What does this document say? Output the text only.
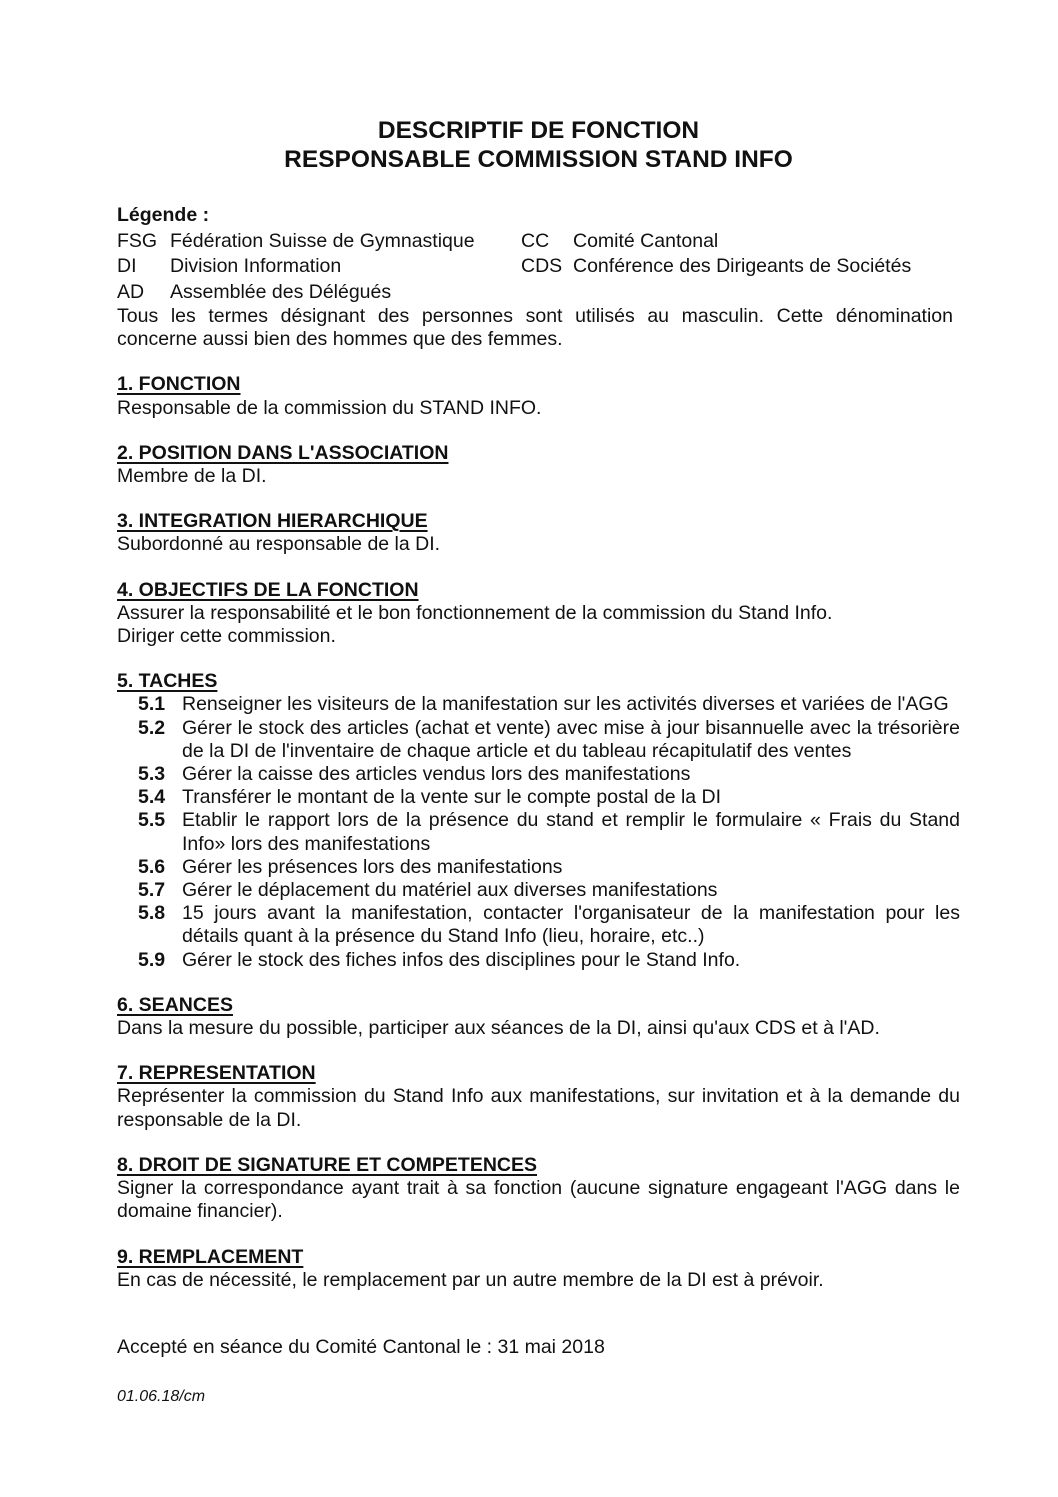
DESCRIPTIF DE FONCTION
RESPONSABLE COMMISSION STAND INFO
Légende :
FSG Fédération Suisse de Gymnastique	CC	Comité Cantonal
DI	Division Information	CDS Conférence des Dirigeants de Sociétés
AD	Assemblée des Délégués

Tous les termes désignant des personnes sont utilisés au masculin. Cette dénomination concerne aussi bien des hommes que des femmes.

1. FONCTION

Responsable de la commission du STAND INFO.

2. POSITION DANS L'ASSOCIATION

Membre de la DI.

3. INTEGRATION HIERARCHIQUE

Subordonné au responsable de la DI.

4. OBJECTIFS DE LA FONCTION

Assurer la responsabilité et le bon fonctionnement de la commission du Stand Info.

Diriger cette commission.

5. TACHES
5.1 Renseigner les visiteurs de la manifestation sur les activités diverses et variées de l'AGG
5.2 Gérer le stock des articles (achat et vente) avec mise à jour bisannuelle avec la trésorière de la DI de l'inventaire de chaque article et du tableau récapitulatif des ventes
5.3 Gérer la caisse des articles vendus lors des manifestations
5.4 Transférer le montant de la vente sur le compte postal de la DI
5.5 Etablir le rapport lors de la présence du stand et remplir le formulaire « Frais du Stand Info» lors des manifestations
5.6 Gérer les présences lors des manifestations
5.7 Gérer le déplacement du matériel aux diverses manifestations
5.8 15 jours avant la manifestation, contacter l'organisateur de la manifestation pour les détails quant à la présence du Stand Info (lieu, horaire, etc..)
5.9 Gérer le stock des fiches infos des disciplines pour le Stand Info.
6. SEANCES

Dans la mesure du possible, participer aux séances de la DI, ainsi qu'aux CDS et à l'AD.

7. REPRESENTATION

Représenter la commission du Stand Info aux manifestations, sur invitation et à la demande du responsable de la DI.

8. DROIT DE SIGNATURE ET COMPETENCES

Signer la correspondance ayant trait à sa fonction (aucune signature engageant l'AGG dans le domaine financier).

9. REMPLACEMENT

En cas de nécessité, le remplacement par un autre membre de la DI est à prévoir.

Accepté en séance du Comité Cantonal le : 31 mai 2018

01.06.18/cm
